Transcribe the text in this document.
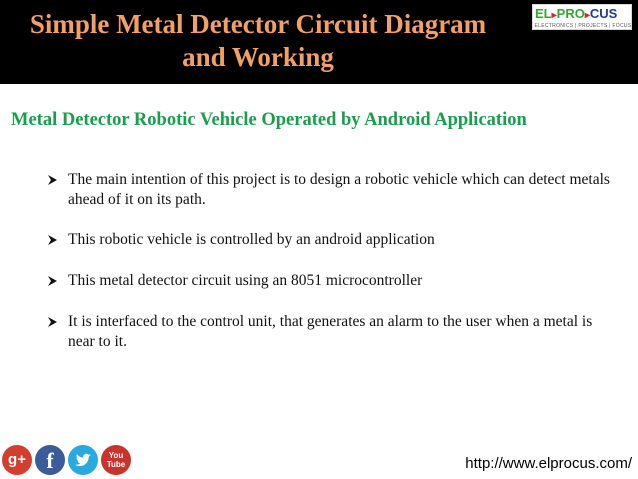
Simple Metal Detector Circuit Diagram
and Working
EL▸PRO▸CUS
ELECTRONICS | PROJECTS | FOCUS
Metal Detector Robotic Vehicle Operated by Android Application
The main intention of this project is to design a robotic vehicle which can detect metals ahead of it on its path.
This robotic vehicle is controlled by an android application
This metal detector circuit using an 8051 microcontroller
It is interfaced to the control unit, that generates an alarm to the user when a metal is near to it.
g+ f	You
Tube	http://www.elprocus.com/
